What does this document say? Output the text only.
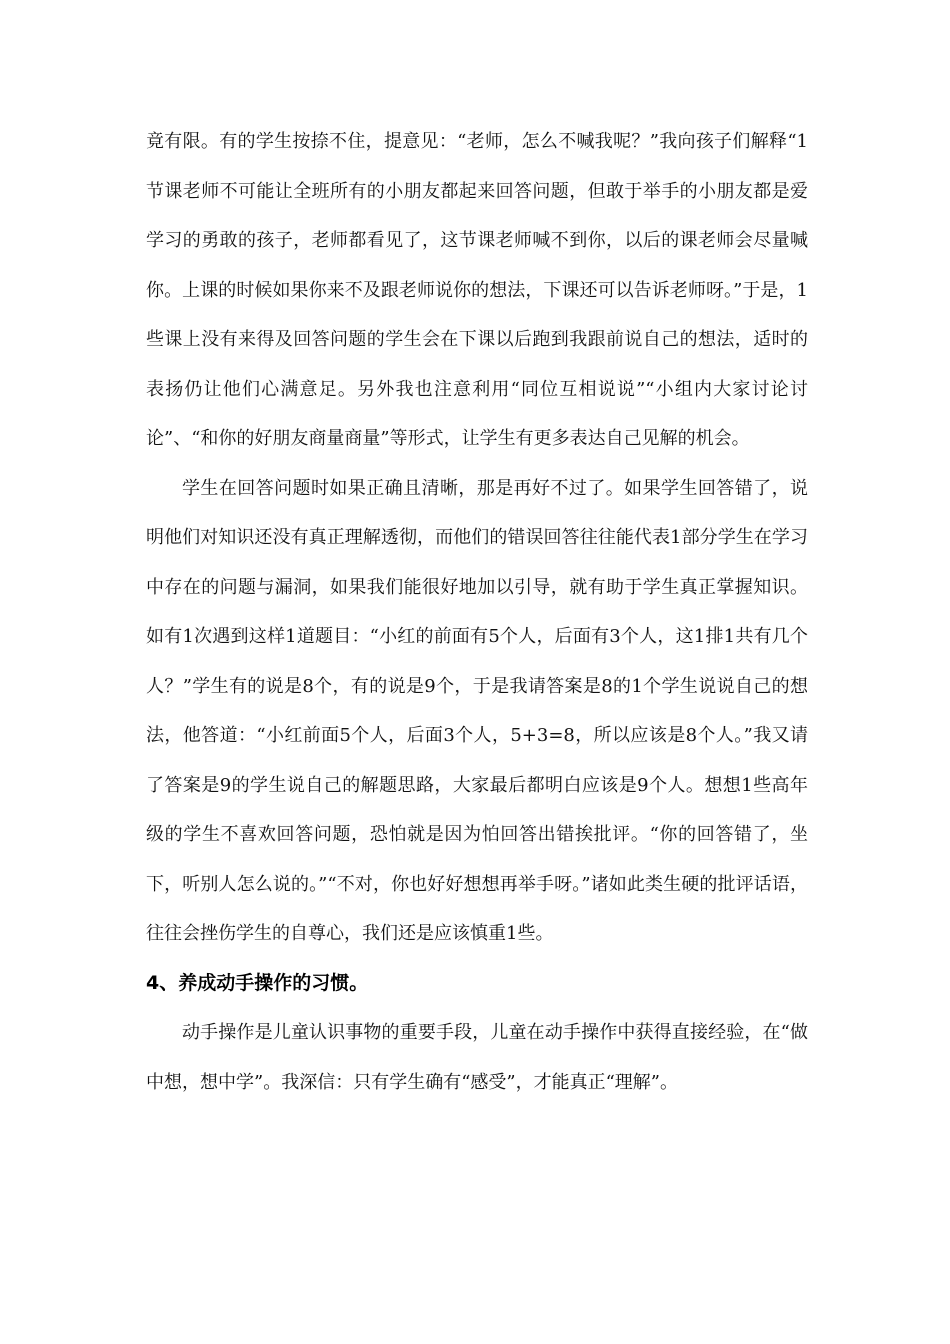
竟有限。有的学生按捺不住，提意见：“老师，怎么不喊我呢？”我向孩子们解释“1节课老师不可能让全班所有的小朋友都起来回答问题，但敢于举手的小朋友都是爱学习的勇敢的孩子，老师都看见了，这节课老师喊不到你，以后的课老师会尽量喊你。上课的时候如果你来不及跟老师说你的想法，下课还可以告诉老师呀。”于是，1些课上没有来得及回答问题的学生会在下课以后跑到我跟前说自己的想法，适时的表扬仍让他们心满意足。另外我也注意利用“同位互相说说”“小组内大家讨论讨论”、“和你的好朋友商量商量”等形式，让学生有更多表达自己见解的机会。

学生在回答问题时如果正确且清晰，那是再好不过了。如果学生回答错了，说明他们对知识还没有真正理解透彻，而他们的错误回答往往能代表1部分学生在学习中存在的问题与漏洞，如果我们能很好地加以引导，就有助于学生真正掌握知识。如有1次遇到这样1道题目：“小红的前面有5个人，后面有3个人，这1排1共有几个人？”学生有的说是8个，有的说是9个，于是我请答案是8的1个学生说说自己的想法，他答道：“小红前面5个人，后面3个人，5+3=8，所以应该是8个人。”我又请了答案是9的学生说自己的解题思路，大家最后都明白应该是9个人。想想1些高年级的学生不喜欢回答问题，恐怕就是因为怕回答出错挨批评。“你的回答错了，坐下，听别人怎么说的。”“不对，你也好好想想再举手呀。”诸如此类生硬的批评话语，往往会挫伤学生的自尊心，我们还是应该慎重1些。

4、养成动手操作的习惯。

动手操作是儿童认识事物的重要手段，儿童在动手操作中获得直接经验，在“做中想，想中学”。我深信：只有学生确有“感受”，才能真正“理解”。
